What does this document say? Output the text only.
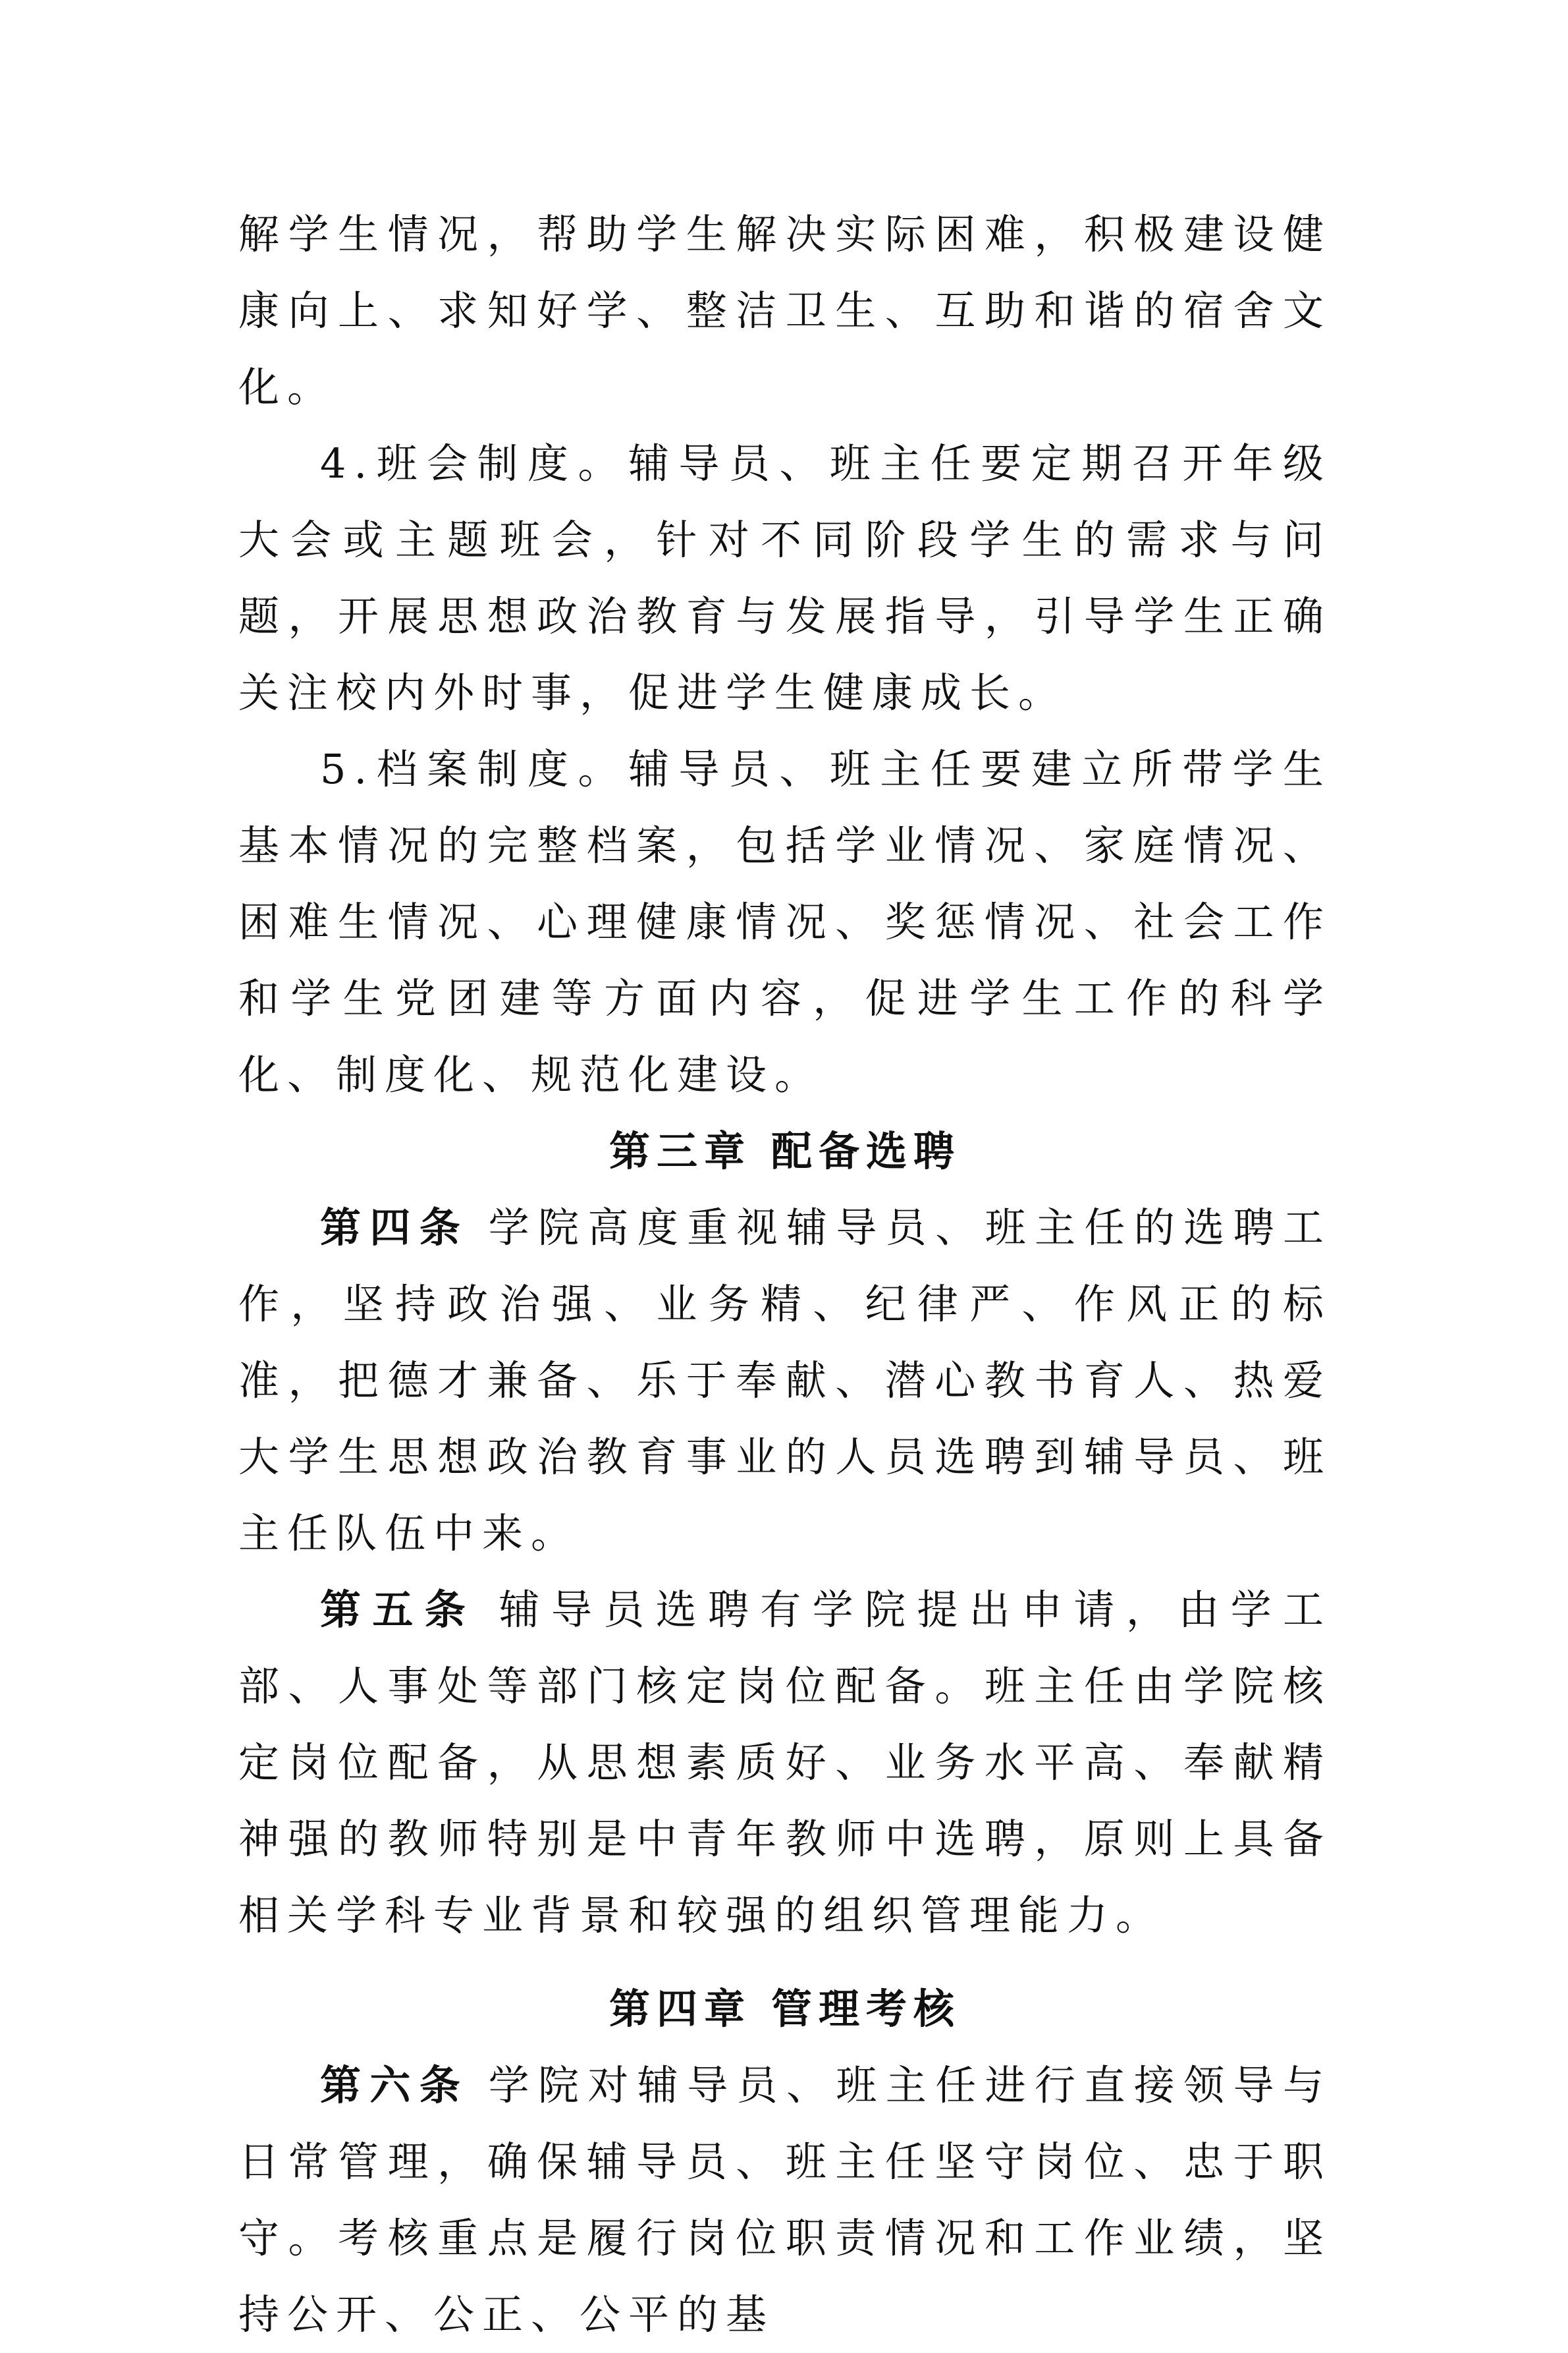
解学生情况，帮助学生解决实际困难，积极建设健康向上、求知好学、整洁卫生、互助和谐的宿舍文化。

4.班会制度。辅导员、班主任要定期召开年级大会或主题班会，针对不同阶段学生的需求与问题，开展思想政治教育与发展指导，引导学生正确关注校内外时事，促进学生健康成长。

5.档案制度。辅导员、班主任要建立所带学生基本情况的完整档案，包括学业情况、家庭情况、困难生情况、心理健康情况、奖惩情况、社会工作和学生党团建等方面内容，促进学生工作的科学化、制度化、规范化建设。

第三章 配备选聘

第四条 学院高度重视辅导员、班主任的选聘工作，坚持政治强、业务精、纪律严、作风正的标准，把德才兼备、乐于奉献、潜心教书育人、热爱大学生思想政治教育事业的人员选聘到辅导员、班主任队伍中来。

第五条 辅导员选聘有学院提出申请，由学工部、人事处等部门核定岗位配备。班主任由学院核定岗位配备，从思想素质好、业务水平高、奉献精神强的教师特别是中青年教师中选聘，原则上具备相关学科专业背景和较强的组织管理能力。

第四章 管理考核

第六条 学院对辅导员、班主任进行直接领导与日常管理，确保辅导员、班主任坚守岗位、忠于职守。考核重点是履行岗位职责情况和工作业绩，坚持公开、公正、公平的基
